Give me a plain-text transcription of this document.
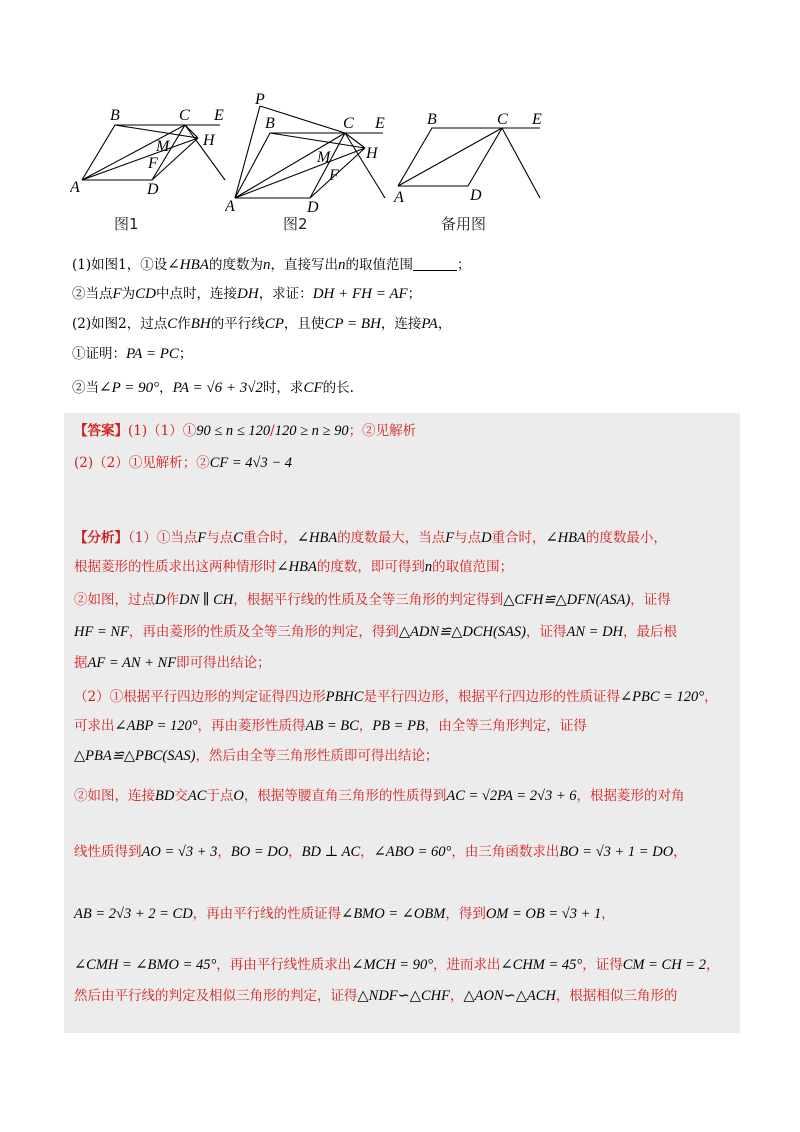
A
B	C
D
E
F
H
M
图1
P
A
B	C
D
E
F
H
M
图2
A
B	C
D
E
备用图
(1)如图1，①设∠HBA的度数为n，直接写出n的取值范围	；
②当点F为CD中点时，连接DH，求证：DH + FH = AF；
(2)如图2，过点C作BH的平行线CP，且使CP = BH，连接PA，
①证明：PA = PC；
②当∠P = 90°，PA = √6 + 3√2时，求CF的长.
【答案】(1)（1）①90 ≤ n ≤ 120/120 ≥ n ≥ 90；②见解析
(2)（2）①见解析；②CF = 4√3 − 4
【分析】（1）①当点F与点C重合时，∠HBA的度数最大，当点F与点D重合时，∠HBA的度数最小，
根据菱形的性质求出这两种情形时∠HBA的度数，即可得到n的取值范围；
②如图，过点D作DN ∥ CH，根据平行线的性质及全等三角形的判定得到△CFH≌△DFN(ASA)，证得
HF = NF，再由菱形的性质及全等三角形的判定，得到△ADN≌△DCH(SAS)，证得AN = DH，最后根
据AF = AN + NF即可得出结论；
（2）①根据平行四边形的判定证得四边形PBHC是平行四边形，根据平行四边形的性质证得∠PBC = 120°，
可求出∠ABP = 120°，再由菱形性质得AB = BC，PB = PB，由全等三角形判定，证得
△PBA≌△PBC(SAS)，然后由全等三角形性质即可得出结论；
②如图，连接BD交AC于点O，根据等腰直角三角形的性质得到AC = √2PA = 2√3 + 6，根据菱形的对角
线性质得到AO = √3 + 3，BO = DO，BD ⊥ AC，∠ABO = 60°，由三角函数求出BO = √3 + 1 = DO，
AB = 2√3 + 2 = CD，再由平行线的性质证得∠BMO = ∠OBM，得到OM = OB = √3 + 1，
∠CMH = ∠BMO = 45°，再由平行线性质求出∠MCH = 90°，进而求出∠CHM = 45°，证得CM = CH = 2，
然后由平行线的判定及相似三角形的判定，证得△NDF∽△CHF，△AON∽△ACH，根据相似三角形的
